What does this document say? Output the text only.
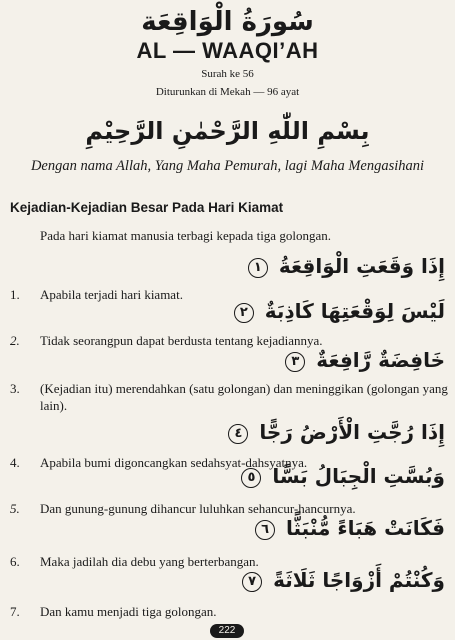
سُورَةُ الْوَاقِعَة
AL — WAAQI’AH
Surah ke 56
Diturunkan di Mekah — 96 ayat
بِسْمِ اللّٰهِ الرَّحْمٰنِ الرَّحِيْمِ
Dengan nama Allah, Yang Maha Pemurah, lagi Maha Mengasihani
Kejadian-Kejadian Besar Pada Hari Kiamat
Pada hari kiamat manusia terbagi kepada tiga golongan.
إِذَا وَقَعَتِ الْوَاقِعَةُ ١
1.	Apabila terjadi hari kiamat.
لَيْسَ لِوَقْعَتِهَا كَاذِبَةٌ ٢
2.	Tidak seorangpun dapat berdusta tentang kejadiannya.
خَافِضَةٌ رَّافِعَةٌ ٣
3.	(Kejadian itu) merendahkan (satu golongan) dan meninggikan (golongan yang lain).
إِذَا رُجَّتِ الْأَرْضُ رَجًّا ٤
4.	Apabila bumi digoncangkan sedahsyat-dahsyatnya.
وَبُسَّتِ الْجِبَالُ بَسًّا ٥
5.	Dan gunung-gunung dihancur luluhkan sehancur-hancurnya.
فَكَانَتْ هَبَاءً مُّنْبَثًّا ٦
6.	Maka jadilah dia debu yang berterbangan.
وَكُنْتُمْ أَزْوَاجًا ثَلَاثَةً ٧
7.	Dan kamu menjadi tiga golongan.
222
